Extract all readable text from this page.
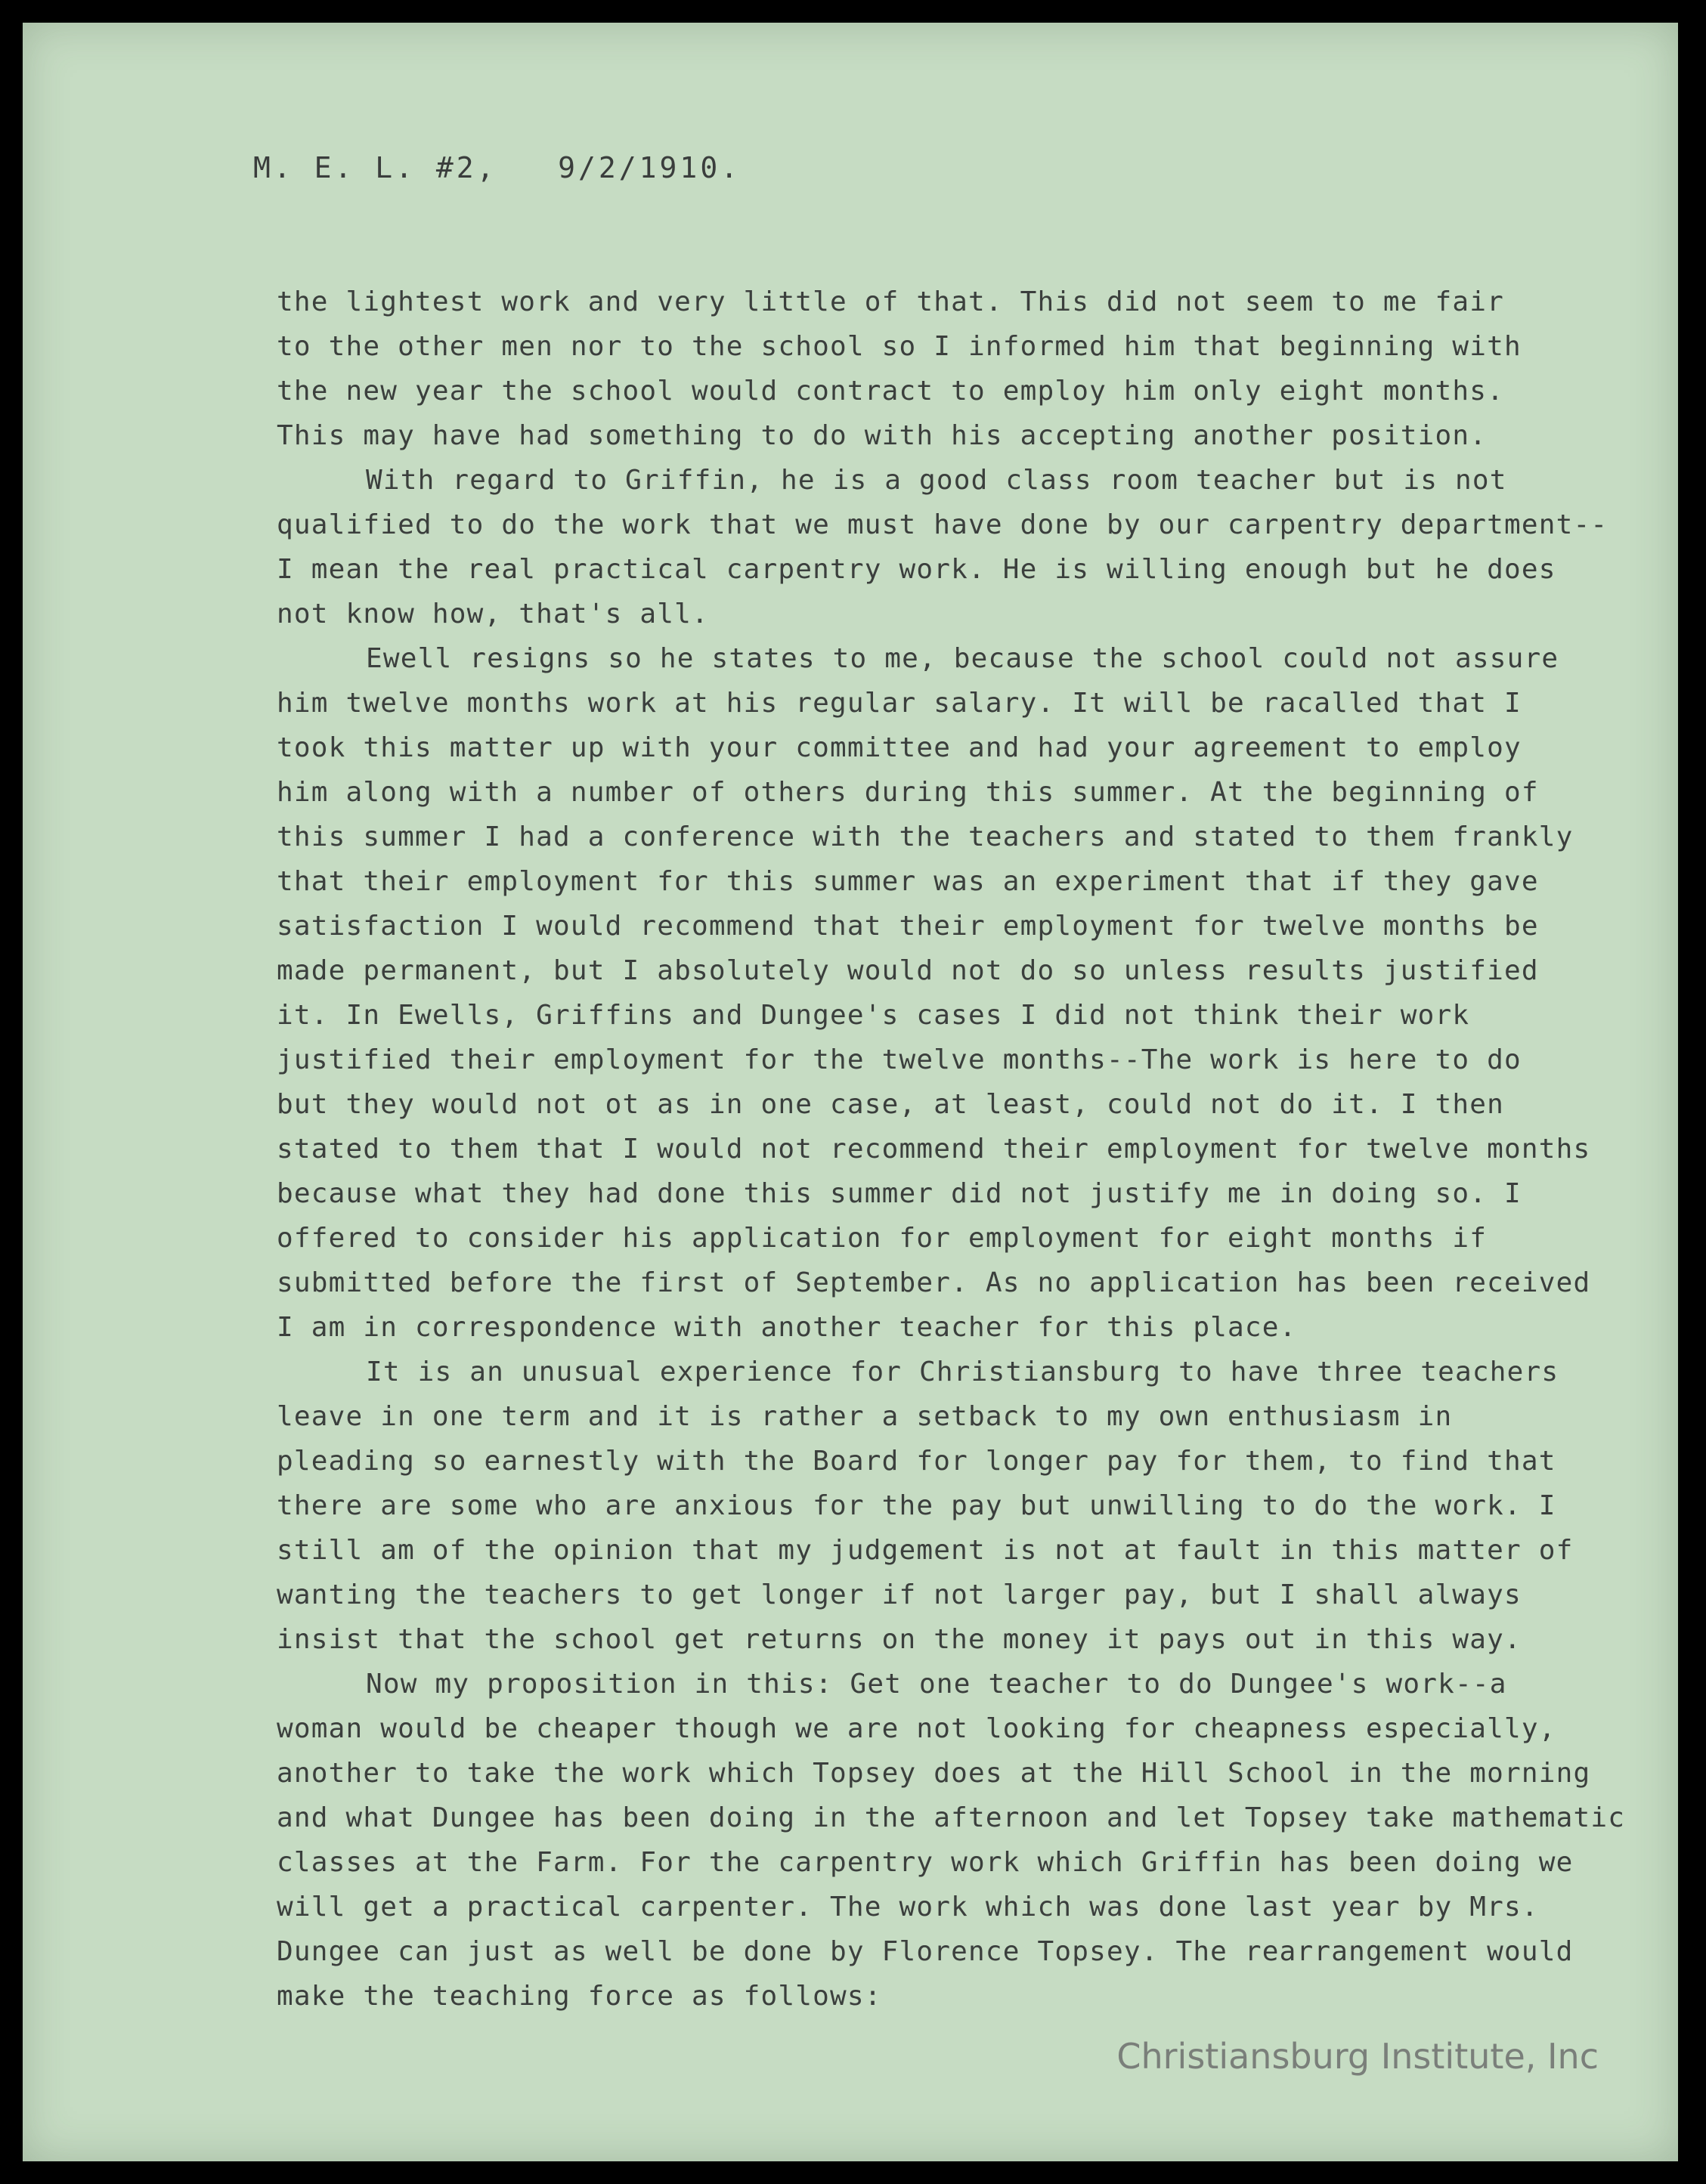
M. E. L. #2,   9/2/1910.
the lightest work and very little of that. This did not seem to me fair
to the other men nor to the school so I informed him that beginning with
the new year the school would contract to employ him only eight months.
This may have had something to do with his accepting another position.
With regard to Griffin, he is a good class room teacher but is not
qualified to do the work that we must have done by our carpentry department--
I mean the real practical carpentry work. He is willing enough but he does
not know how, that's all.
Ewell resigns so he states to me, because the school could not assure
him twelve months work at his regular salary. It will be racalled that I
took this matter up with your committee and had your agreement to employ
him along with a number of others during this summer. At the beginning of
this summer I had a conference with the teachers and stated to them frankly
that their employment for this summer was an experiment that if they gave
satisfaction I would recommend that their employment for twelve months be
made permanent, but I absolutely would not do so unless results justified
it. In Ewells, Griffins and Dungee's cases I did not think their work
justified their employment for the twelve months--The work is here to do
but they would not ot as in one case, at least, could not do it. I then
stated to them that I would not recommend their employment for twelve months
because what they had done this summer did not justify me in doing so. I
offered to consider his application for employment for eight months if
submitted before the first of September. As no application has been received
I am in correspondence with another teacher for this place.
It is an unusual experience for Christiansburg to have three teachers
leave in one term and it is rather a setback to my own enthusiasm in
pleading so earnestly with the Board for longer pay for them, to find that
there are some who are anxious for the pay but unwilling to do the work. I
still am of the opinion that my judgement is not at fault in this matter of
wanting the teachers to get longer if not larger pay, but I shall always
insist that the school get returns on the money it pays out in this way.
Now my proposition in this: Get one teacher to do Dungee's work--a
woman would be cheaper though we are not looking for cheapness especially,
another to take the work which Topsey does at the Hill School in the morning
and what Dungee has been doing in the afternoon and let Topsey take mathematic
classes at the Farm. For the carpentry work which Griffin has been doing we
will get a practical carpenter. The work which was done last year by Mrs.
Dungee can just as well be done by Florence Topsey. The rearrangement would
make the teaching force as follows:
Christiansburg Institute, Inc
